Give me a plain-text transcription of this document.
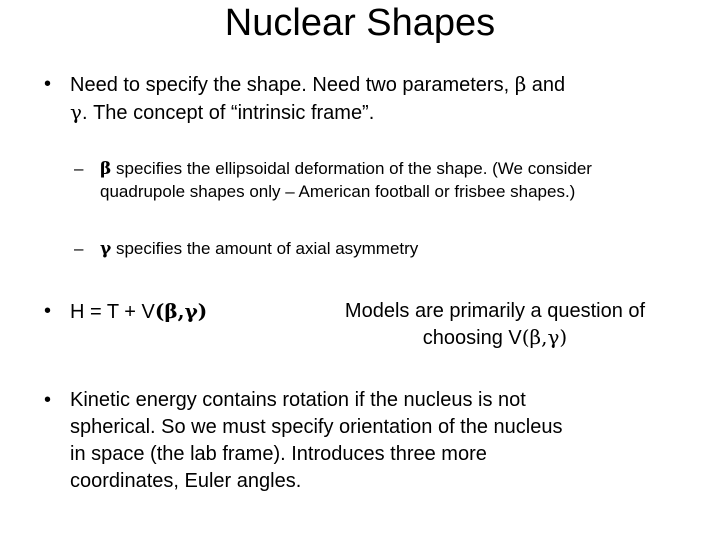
Nuclear Shapes
• Need to specify the shape. Need two parameters, β and
γ. The concept of “intrinsic frame”.
– β specifies the ellipsoidal deformation of the shape. (We consider
quadrupole shapes only – American football or frisbee shapes.)
– γ specifies the amount of axial asymmetry
• H = T + V(β,γ)	Models are primarily a question of
choosing V(β,γ)
• Kinetic energy contains rotation if the nucleus is not
spherical. So we must specify orientation of the nucleus
in space (the lab frame). Introduces three more
coordinates, Euler angles.
